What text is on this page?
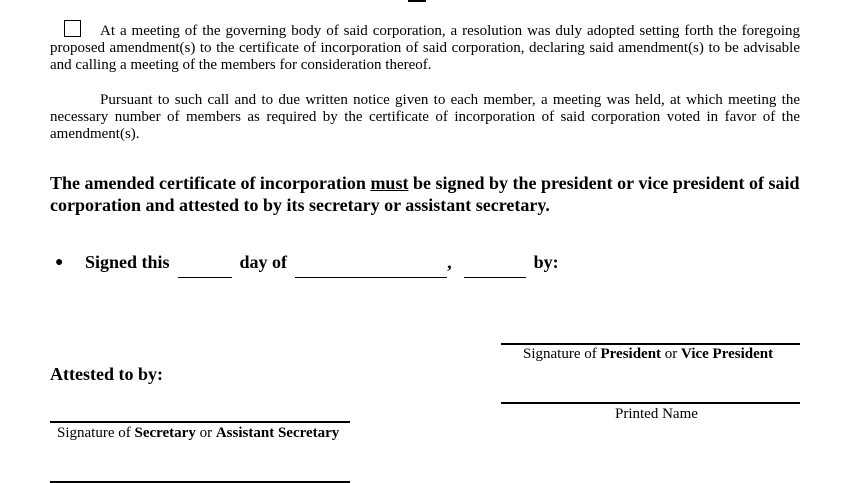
At a meeting of the governing body of said corporation, a resolution was duly adopted setting forth the foregoing proposed amendment(s) to the certificate of incorporation of said corporation, declaring said amendment(s) to be advisable and calling a meeting of the members for consideration thereof.

Pursuant to such call and to due written notice given to each member, a meeting was held, at which meeting the necessary number of members as required by the certificate of incorporation of said corporation voted in favor of the amendment(s).

The amended certificate of incorporation must be signed by the president or vice president of said corporation and attested to by its secretary or assistant secretary.

● Signed this	day of	,	by:
Signature of President or Vice President
Attested to by:
Printed Name
Signature of Secretary or Assistant Secretary
